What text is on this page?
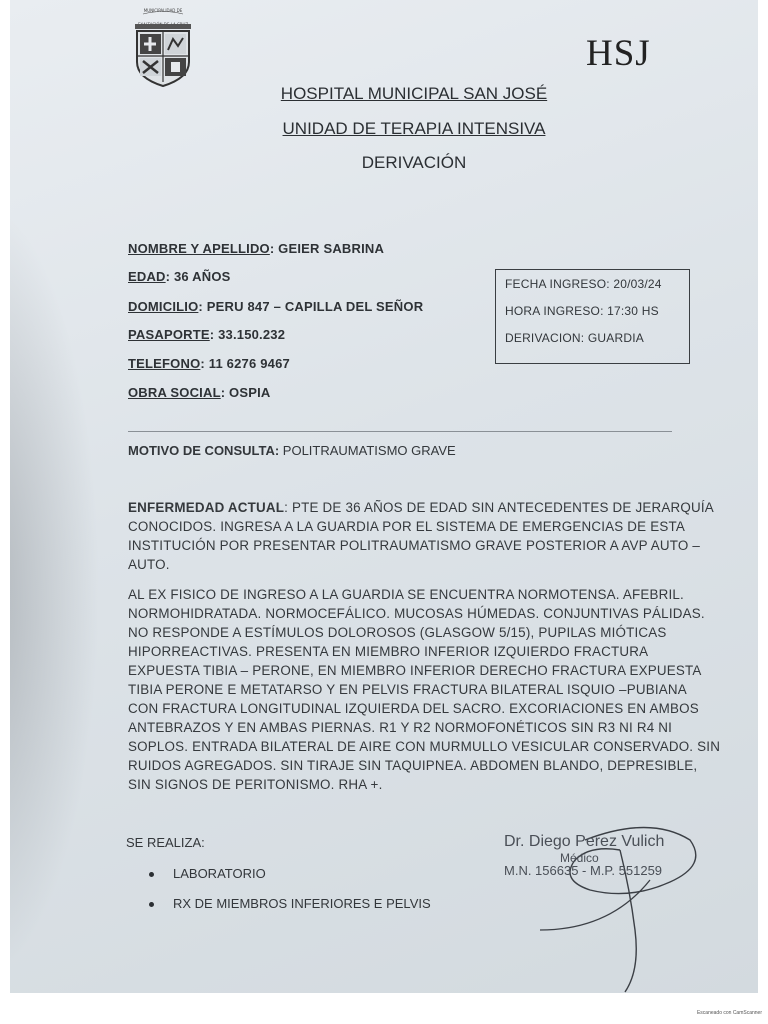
MUNICIPALIDAD DE
HSJ
HOSPITAL MUNICIPAL SAN JOSÉ
UNIDAD DE TERAPIA INTENSIVA
DERIVACIÓN
NOMBRE Y APELLIDO: GEIER SABRINA
EDAD: 36 AÑOS
DOMICILIO: PERU 847 – CAPILLA DEL SEÑOR
PASAPORTE: 33.150.232
TELEFONO: 11 6276 9467
OBRA SOCIAL: OSPIA
FECHA INGRESO: 20/03/24
HORA INGRESO: 17:30 HS
DERIVACION: GUARDIA
MOTIVO DE CONSULTA: POLITRAUMATISMO GRAVE
ENFERMEDAD ACTUAL: PTE DE 36 AÑOS DE EDAD SIN ANTECEDENTES DE JERARQUÍA
CONOCIDOS. INGRESA A LA GUARDIA POR EL SISTEMA DE EMERGENCIAS DE ESTA
INSTITUCIÓN POR PRESENTAR POLITRAUMATISMO GRAVE POSTERIOR A AVP AUTO –
AUTO.
AL EX FISICO DE INGRESO A LA GUARDIA SE ENCUENTRA NORMOTENSA. AFEBRIL.
NORMOHIDRATADA. NORMOCEFÁLICO. MUCOSAS HÚMEDAS. CONJUNTIVAS PÁLIDAS.
NO RESPONDE A ESTÍMULOS DOLOROSOS (GLASGOW 5/15), PUPILAS MIÓTICAS
HIPORREACTIVAS. PRESENTA EN MIEMBRO INFERIOR IZQUIERDO FRACTURA
EXPUESTA TIBIA – PERONE, EN MIEMBRO INFERIOR DERECHO FRACTURA EXPUESTA
TIBIA PERONE E METATARSO Y EN PELVIS FRACTURA BILATERAL ISQUIO –PUBIANA
CON FRACTURA LONGITUDINAL IZQUIERDA DEL SACRO. EXCORIACIONES EN AMBOS
ANTEBRAZOS Y EN AMBAS PIERNAS. R1 Y R2 NORMOFONÉTICOS SIN R3 NI R4 NI
SOPLOS. ENTRADA BILATERAL DE AIRE CON MURMULLO VESICULAR CONSERVADO. SIN
RUIDOS AGREGADOS. SIN TIRAJE SIN TAQUIPNEA. ABDOMEN BLANDO, DEPRESIBLE,
SIN SIGNOS DE PERITONISMO. RHA +.
SE REALIZA:
LABORATORIO
RX DE MIEMBROS INFERIORES E PELVIS
Dr. Diego Perez Vulich
Médico
M.N. 156635 - M.P. 551259
Escaneado con CamScanner
